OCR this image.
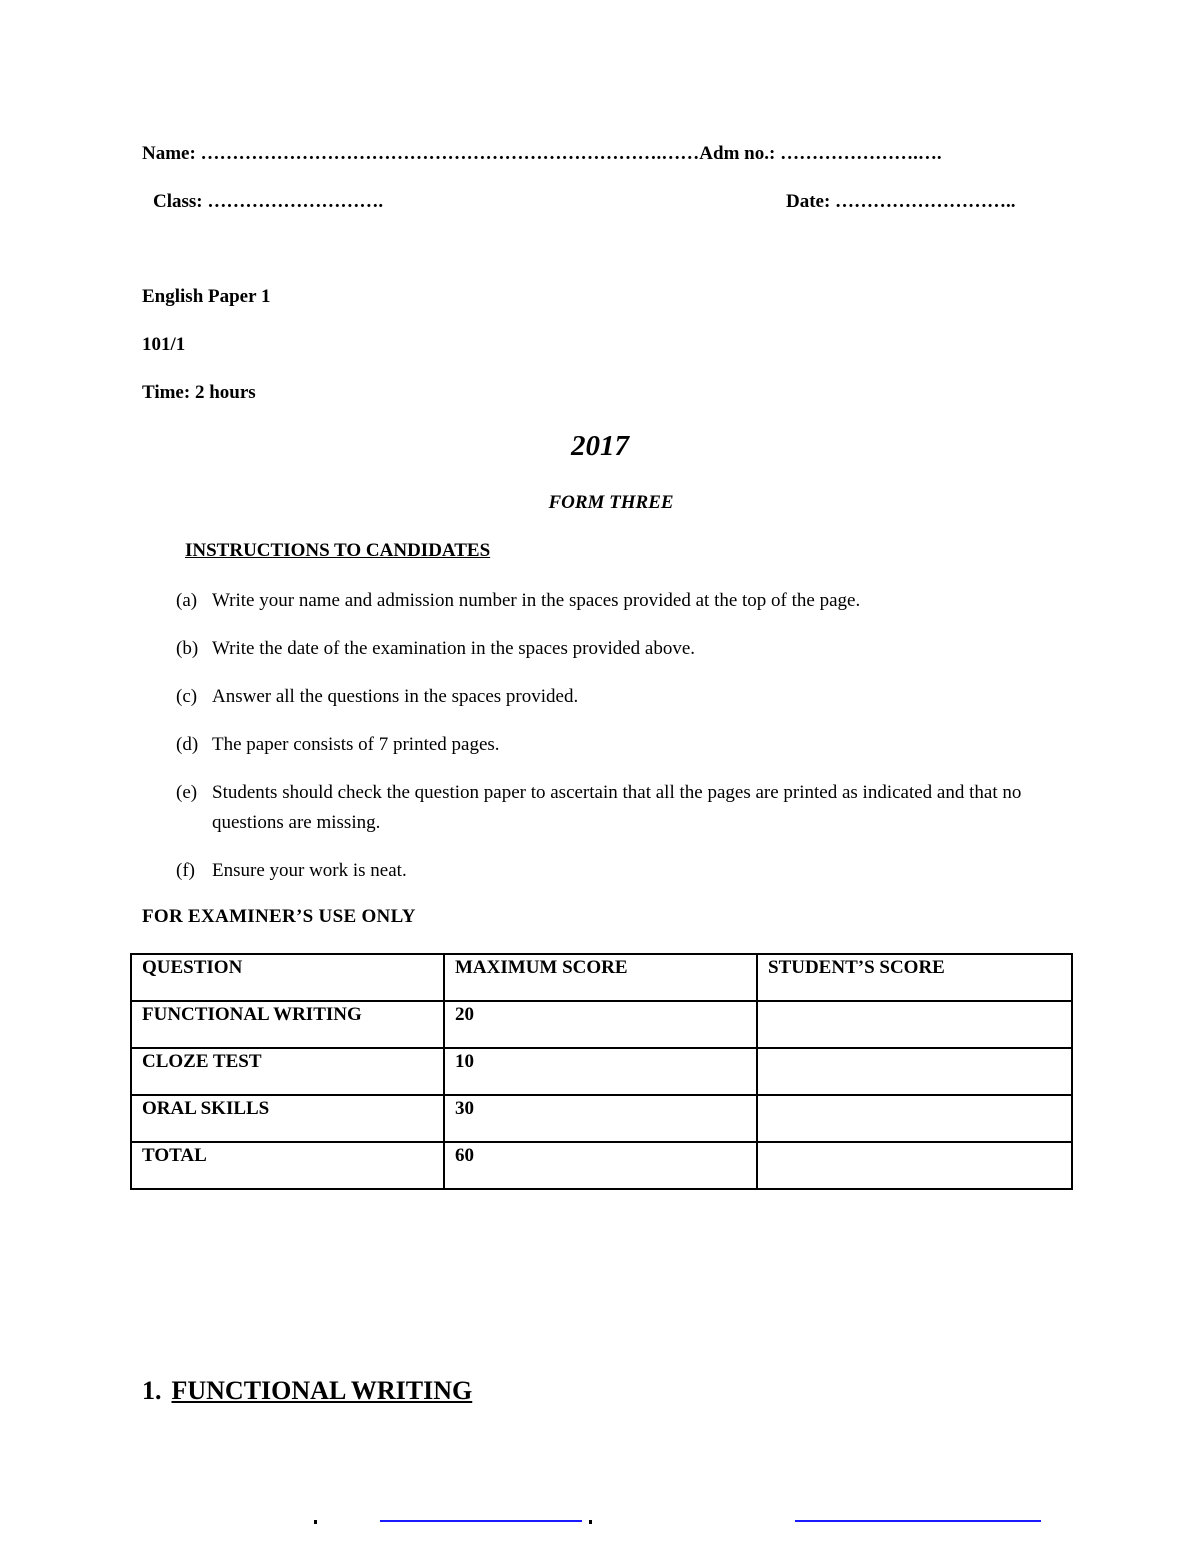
Name: ……………………………………………………………….……Adm no.: ………………….….
Class: ……………………….	Date: ………………………..
English Paper 1
101/1
Time: 2 hours
2017
FORM THREE
INSTRUCTIONS TO CANDIDATES
(a) Write your name and admission number in the spaces provided at the top of the page.
(b) Write the date of the examination in the spaces provided above.
(c) Answer all the questions in the spaces provided.
(d) The paper consists of 7 printed pages.
(e) Students should check the question paper to ascertain that all the pages are printed as indicated and that no questions are missing.
(f) Ensure your work is neat.
FOR EXAMINER’S USE ONLY
QUESTION	MAXIMUM SCORE	STUDENT’S SCORE
FUNCTIONAL WRITING	20	
CLOZE TEST	10	
ORAL SKILLS	30	
TOTAL	60	
1. FUNCTIONAL WRITING
